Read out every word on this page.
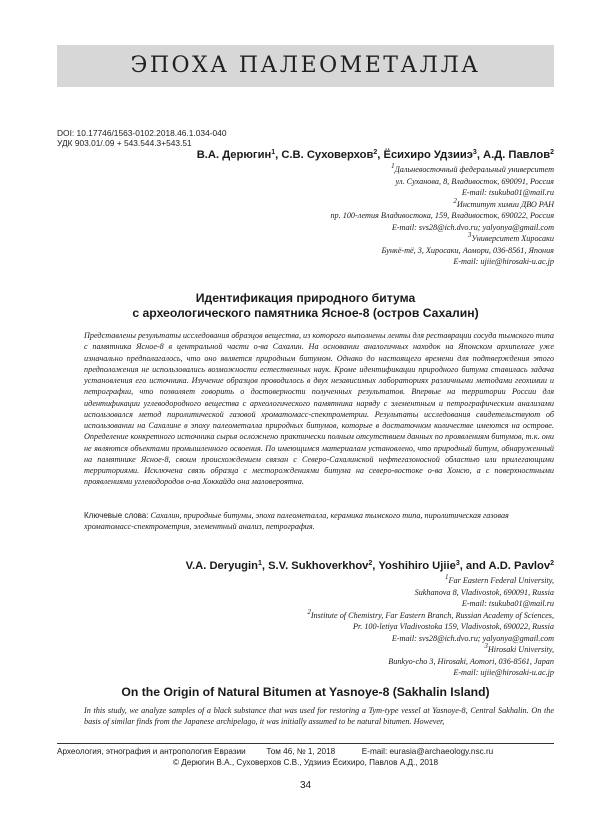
ЭПОХА ПАЛЕОМЕТАЛЛА
DOI: 10.17746/1563-0102.2018.46.1.034-040
УДК 903.01/.09 + 543.544.3+543.51
В.А. Дерюгин$^1$, С.В. Суховерхов$^2$, Ёсихиро Удзииэ$^3$, А.Д. Павлов$^2$
$^1$Дальневосточный федеральный университет
ул. Суханова, 8, Владивосток, 690091, Россия
E-mail: tsukuba01@mail.ru
$^2$Институт химии ДВО РАН
пр. 100-летия Владивостока, 159, Владивосток, 690022, Россия
E-mail: svs28@ich.dvo.ru; yalyonya@gmail.com
$^3$Университет Хиросаки
Бункё-тё, 3, Хиросаки, Аомори, 036-8561, Япония
E-mail: ujiie@hirosaki-u.ac.jp
Идентификация природного битума
с археологического памятника Ясное-8 (остров Сахалин)
Представлены результаты исследования образцов вещества, из которого выполнены ленты для реставрации сосуда тымского типа с памятника Ясное-8 в центральной части о-ва Сахалин. На основании аналогичных находок на Японском архипелаге уже изначально предполагалось, что оно является природным битумом. Однако до настоящего времени для подтверждения этого предположения не использовались возможности естественных наук. Кроме идентификации природного битума ставилась задача установления его источника. Изучение образцов проводилось в двух независимых лабораториях различными методами геохимии и петрографии, что позволяет говорить о достоверности полученных результатов. Впервые на территории России для идентификации углеводородного вещества с археологического памятника наряду с элементным и петрографическим анализами использовался метод пиролитической газовой хроматомасс-спектрометрии. Результаты исследования свидетельствуют об использовании на Сахалине в эпоху палеометалла природных битумов, которые в достаточном количестве имеются на острове. Определение конкретного источника сырья осложнено практически полным отсутствием данных по проявлениям битумов, т.к. они не являются объектами промышленного освоения. По имеющимся материалам установлено, что природный битум, обнаруженный на памятнике Ясное-8, своим происхождением связан с Северо-Сахалинской нефтегазоносной областью или прилегающими территориями. Исключена связь образца с месторождениями битума на северо-востоке о-ва Хонсю, а с поверхностными проявлениями углеводородов о-ва Хоккайдо она маловероятна.
Ключевые слова: Сахалин, природные битумы, эпоха палеометалла, керамика тымского типа, пиролитическая газовая хроматомасс-спектрометрия, элементный анализ, петрография.
V.A. Deryugin$^1$, S.V. Sukhoverkhov$^2$, Yoshihiro Ujiie$^3$, and A.D. Pavlov$^2$
$^1$Far Eastern Federal University,
Sukhanova 8, Vladivostok, 690091, Russia
E-mail: tsukuba01@mail.ru
$^2$Institute of Chemistry, Far Eastern Branch, Russian Academy of Sciences,
Pr. 100-letiya Vladivostoka 159, Vladivostok, 690022, Russia
E-mail: svs28@ich.dvo.ru; yalyonya@gmail.com
$^3$Hirosaki University,
Bunkyo-cho 3, Hirosaki, Aomori, 036-8561, Japan
E-mail: ujiie@hirosaki-u.ac.jp
On the Origin of Natural Bitumen at Yasnoye-8 (Sakhalin Island)
In this study, we analyze samples of a black substance that was used for restoring a Tym-type vessel at Yasnoye-8, Central Sakhalin. On the basis of similar finds from the Japanese archipelago, it was initially assumed to be natural bitumen. However,
Археология, этнография и антропология Евразии	Том 46, № 1, 2018	E-mail: eurasia@archaeology.nsc.ru
© Дерюгин В.А., Суховерхов С.В., Удзииэ Ёсихиро, Павлов А.Д., 2018
34
